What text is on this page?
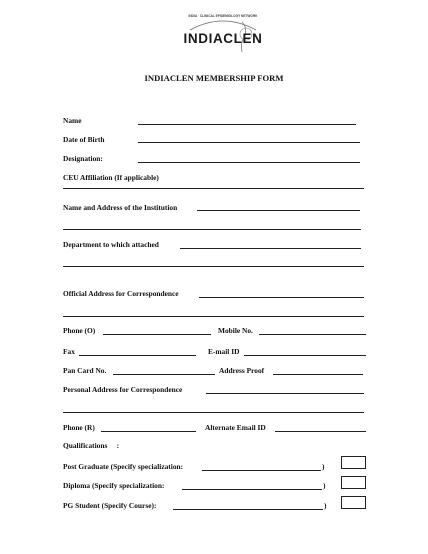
INDIA · CLINICAL EPIDEMIOLOGY NETWORK
INDIACLEN
INDIACLEN MEMBERSHIP FORM
Name
Date of Birth
Designation:
CEU Affiliation (If applicable)
Name and Address of the Institution
Department to which attached
Official Address for Correspondence
Phone (O)	Mobile No.
Fax	E-mail ID
Pan Card No.	Address Proof
Personal Address for Correspondence
Phone (R)	Alternate Email ID
Qualifications     :
Post Graduate (Specify specialization:	)
Diploma (Specify specialization:	)
PG Student (Specify Course):	)
